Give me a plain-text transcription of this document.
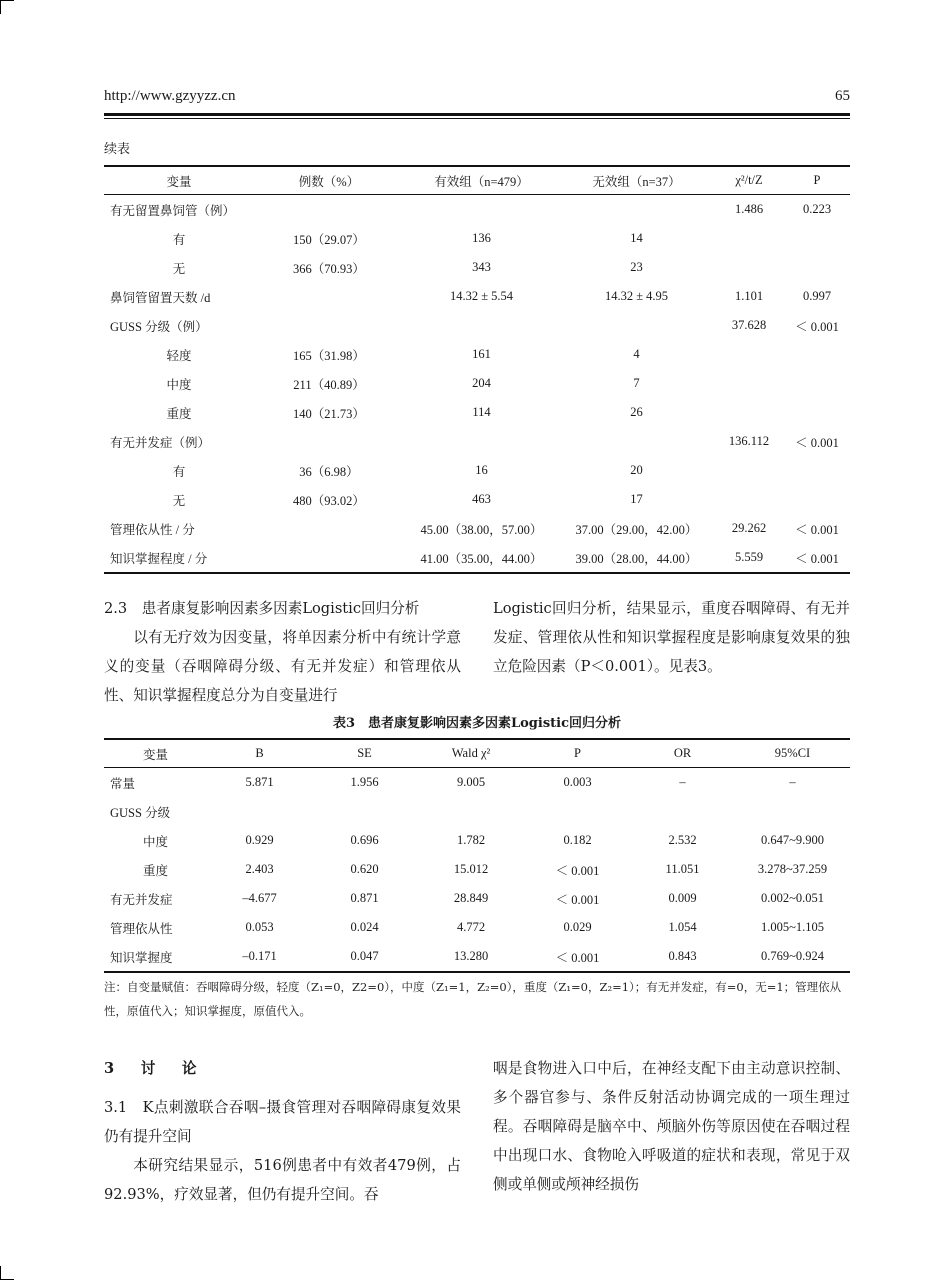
http://www.gzyyzz.cn	65
续表
变量	例数（%）	有效组（n=479）	无效组（n=37）	χ²/t/Z	P
有无留置鼻饲管（例）				1.486	0.223
有	150（29.07）	136	14		
无	366（70.93）	343	23		
鼻饲管留置天数 /d		14.32 ± 5.54	14.32 ± 4.95	1.101	0.997
GUSS 分级（例）				37.628	＜ 0.001
轻度	165（31.98）	161	4		
中度	211（40.89）	204	7		
重度	140（21.73）	114	26		
有无并发症（例）				136.112	＜ 0.001
有	36（6.98）	16	20		
无	480（93.02）	463	17		
管理依从性 / 分		45.00（38.00，57.00）	37.00（29.00，42.00）	29.262	＜ 0.001
知识掌握程度 / 分		41.00（35.00，44.00）	39.00（28.00，44.00）	5.559	＜ 0.001

2.3　患者康复影响因素多因素Logistic回归分析

以有无疗效为因变量，将单因素分析中有统计学意义的变量（吞咽障碍分级、有无并发症）和管理依从性、知识掌握程度总分为自变量进行

Logistic回归分析，结果显示，重度吞咽障碍、有无并发症、管理依从性和知识掌握程度是影响康复效果的独立危险因素（P＜0.001）。见表3。

表3　患者康复影响因素多因素Logistic回归分析
变量	B	SE	Wald χ²	P	OR	95%CI
常量	5.871	1.956	9.005	0.003	–	–
GUSS 分级						
中度	0.929	0.696	1.782	0.182	2.532	0.647~9.900
重度	2.403	0.620	15.012	＜ 0.001	11.051	3.278~37.259
有无并发症	–4.677	0.871	28.849	＜ 0.001	0.009	0.002~0.051
管理依从性	0.053	0.024	4.772	0.029	1.054	1.005~1.105
知识掌握度	–0.171	0.047	13.280	＜ 0.001	0.843	0.769~0.924
注：自变量赋值：吞咽障碍分级，轻度（Z₁=0，Z2=0），中度（Z₁=1，Z₂=0），重度（Z₁=0，Z₂=1）；有无并发症，有=0，无=1；管理依从性，原值代入；知识掌握度，原值代入。

3　讨　论

3.1　K点刺激联合吞咽–摄食管理对吞咽障碍康复效果仍有提升空间

本研究结果显示，516例患者中有效者479例，占92.93%，疗效显著，但仍有提升空间。吞

咽是食物进入口中后，在神经支配下由主动意识控制、多个器官参与、条件反射活动协调完成的一项生理过程。吞咽障碍是脑卒中、颅脑外伤等原因使在吞咽过程中出现口水、食物呛入呼吸道的症状和表现，常见于双侧或单侧或颅神经损伤
